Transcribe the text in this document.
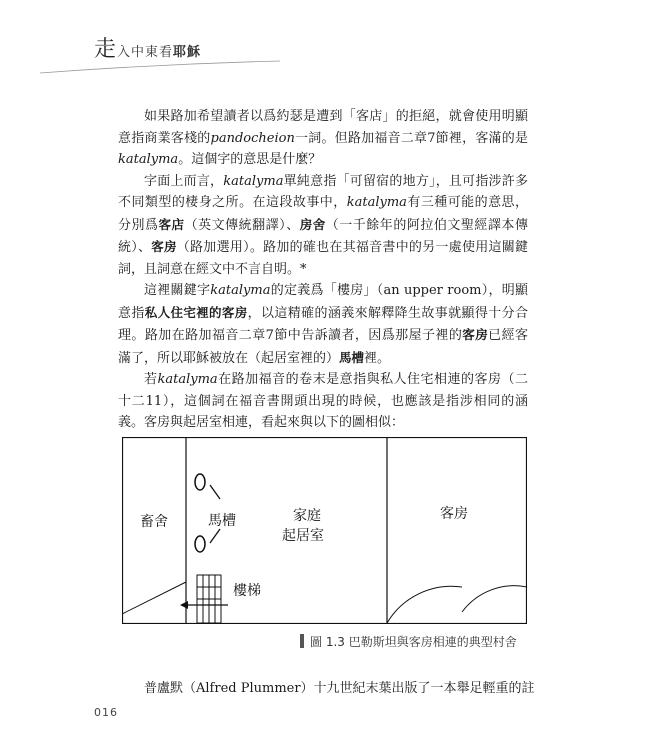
走入中東看耶穌

如果路加希望讀者以爲約瑟是遭到「客店」的拒絕，就會使用明顯意指商業客棧的pandocheion一詞。但路加福音二章7節裡，客滿的是katalyma。這個字的意思是什麼？

字面上而言，katalyma單純意指「可留宿的地方」，且可指涉許多不同類型的棲身之所。在這段故事中，katalyma有三種可能的意思，分別爲客店（英文傳統翻譯）、房舍（一千餘年的阿拉伯文聖經譯本傳統）、客房（路加選用）。路加的確也在其福音書中的另一處使用這關鍵詞，且詞意在經文中不言自明。*

這裡關鍵字katalyma的定義爲「樓房」（an upper room），明顯意指私人住宅裡的客房，以這精確的涵義來解釋降生故事就顯得十分合理。路加在路加福音二章7節中告訴讀者，因爲那屋子裡的客房已經客滿了，所以耶穌被放在（起居室裡的）馬槽裡。

若katalyma在路加福音的卷末是意指與私人住宅相連的客房（二十二11），這個詞在福音書開頭出現的時候，也應該是指涉相同的涵義。客房與起居室相連，看起來與以下的圖相似：

畜舍	馬槽	家庭
起居室
客房
樓梯
圖 1.3 巴勒斯坦與客房相連的典型村舍
普盧默（Alfred Plummer）十九世紀末葉出版了一本舉足輕重的註
016
